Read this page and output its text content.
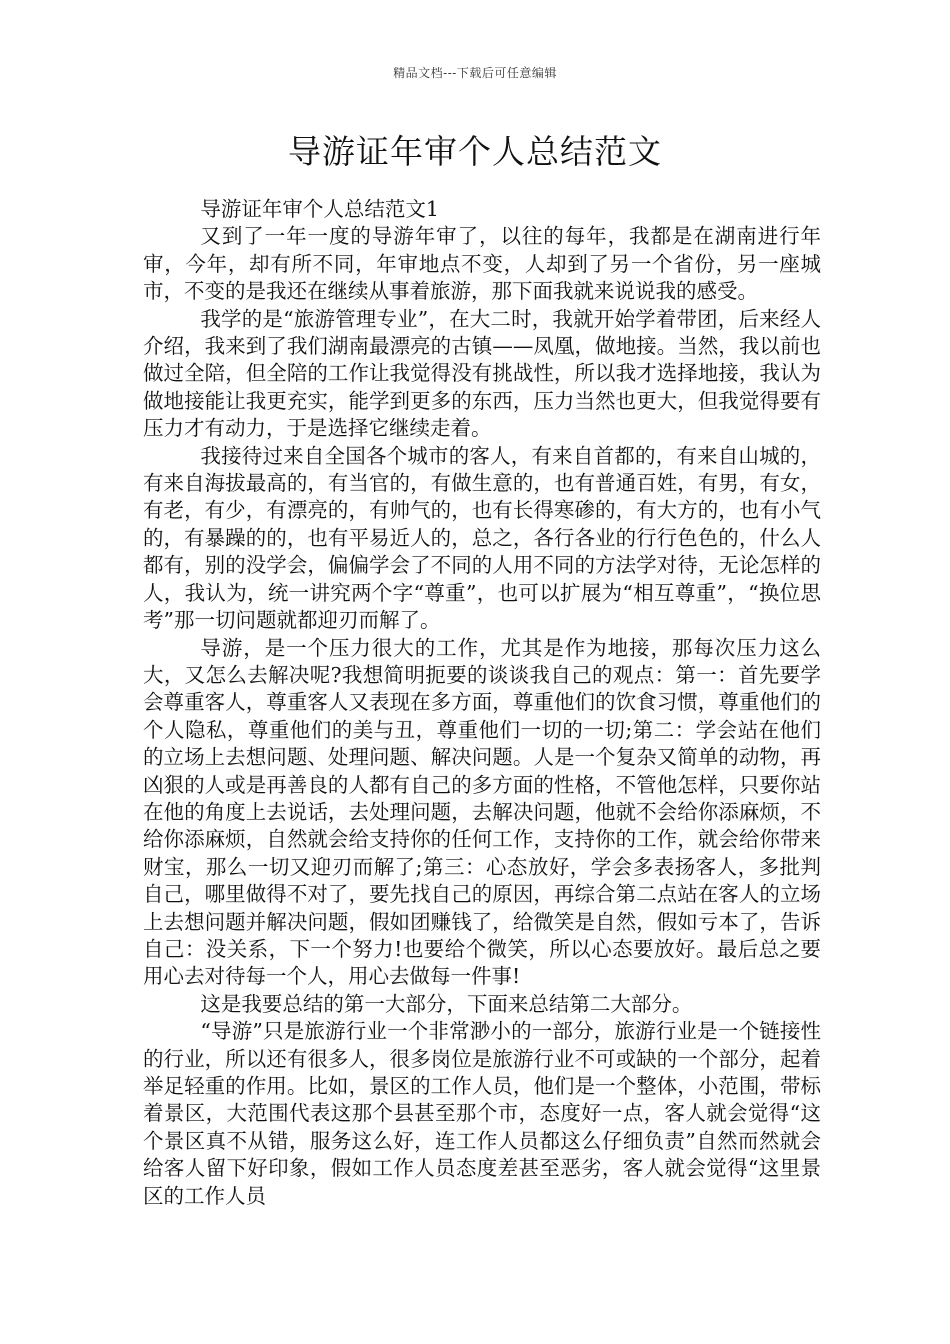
精品文档---下载后可任意编辑
导游证年审个人总结范文

导游证年审个人总结范文1

又到了一年一度的导游年审了，以往的每年，我都是在湖南进行年审，今年，却有所不同，年审地点不变，人却到了另一个省份，另一座城市，不变的是我还在继续从事着旅游，那下面我就来说说我的感受。

我学的是“旅游管理专业”，在大二时，我就开始学着带团，后来经人介绍，我来到了我们湖南最漂亮的古镇——凤凰，做地接。当然，我以前也做过全陪，但全陪的工作让我觉得没有挑战性，所以我才选择地接，我认为做地接能让我更充实，能学到更多的东西，压力当然也更大，但我觉得要有压力才有动力，于是选择它继续走着。

我接待过来自全国各个城市的客人，有来自首都的，有来自山城的，有来自海拔最高的，有当官的，有做生意的，也有普通百姓，有男，有女，有老，有少，有漂亮的，有帅气的，也有长得寒碜的，有大方的，也有小气的，有暴躁的的，也有平易近人的，总之，各行各业的行行色色的，什么人都有，别的没学会，偏偏学会了不同的人用不同的方法学对待，无论怎样的人，我认为，统一讲究两个字“尊重”，也可以扩展为“相互尊重”，“换位思考”那一切问题就都迎刃而解了。

导游，是一个压力很大的工作，尤其是作为地接，那每次压力这么大，又怎么去解决呢?我想简明扼要的谈谈我自己的观点：第一：首先要学会尊重客人，尊重客人又表现在多方面，尊重他们的饮食习惯，尊重他们的个人隐私，尊重他们的美与丑，尊重他们一切的一切;第二：学会站在他们的立场上去想问题、处理问题、解决问题。人是一个复杂又简单的动物，再凶狠的人或是再善良的人都有自己的多方面的性格，不管他怎样，只要你站在他的角度上去说话，去处理问题，去解决问题，他就不会给你添麻烦，不给你添麻烦，自然就会给支持你的任何工作，支持你的工作，就会给你带来财宝，那么一切又迎刃而解了;第三：心态放好，学会多表扬客人，多批判自己，哪里做得不对了，要先找自己的原因，再综合第二点站在客人的立场上去想问题并解决问题，假如团赚钱了，给微笑是自然，假如亏本了，告诉自己：没关系，下一个努力!也要给个微笑，所以心态要放好。最后总之要用心去对待每一个人，用心去做每一件事!

这是我要总结的第一大部分，下面来总结第二大部分。

“导游”只是旅游行业一个非常渺小的一部分，旅游行业是一个链接性的行业，所以还有很多人，很多岗位是旅游行业不可或缺的一个部分，起着举足轻重的作用。比如，景区的工作人员，他们是一个整体，小范围，带标着景区，大范围代表这那个县甚至那个市，态度好一点，客人就会觉得“这个景区真不从错，服务这么好，连工作人员都这么仔细负责”自然而然就会给客人留下好印象，假如工作人员态度差甚至恶劣，客人就会觉得“这里景区的工作人员
